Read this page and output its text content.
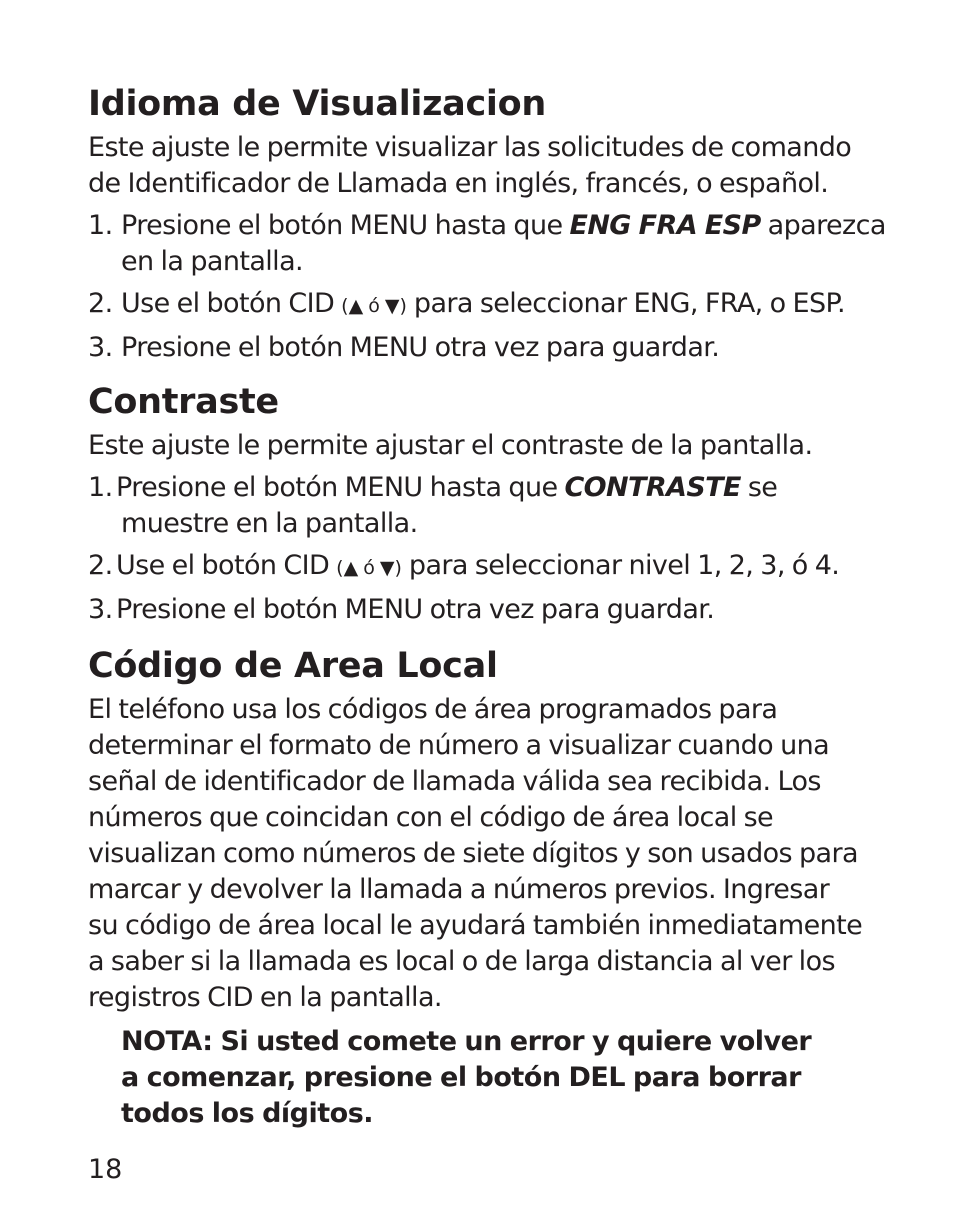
Idioma de Visualizacion

Este ajuste le permite visualizar las solicitudes de comando
de Identificador de Llamada en inglés, francés, o español.

1. Presione el botón MENU hasta que ENG FRA ESP aparezca
en la pantalla.
2. Use el botón CID (▲ ó ▼) para seleccionar ENG, FRA, o ESP.
3. Presione el botón MENU otra vez para guardar.
Contraste

Este ajuste le permite ajustar el contraste de la pantalla.

1. Presione el botón MENU hasta que CONTRASTE se
muestre en la pantalla.
2. Use el botón CID (▲ ó ▼) para seleccionar nivel 1, 2, 3, ó 4.
3. Presione el botón MENU otra vez para guardar.
Código de Area Local

El teléfono usa los códigos de área programados para
determinar el formato de número a visualizar cuando una
señal de identificador de llamada válida sea recibida. Los
números que coincidan con el código de área local se
visualizan como números de siete dígitos y son usados para
marcar y devolver la llamada a números previos. Ingresar
su código de área local le ayudará también inmediatamente
a saber si la llamada es local o de larga distancia al ver los
registros CID en la pantalla.

NOTA: Si usted comete un error y quiere volver
a comenzar, presione el botón DEL para borrar
todos los dígitos.

18
